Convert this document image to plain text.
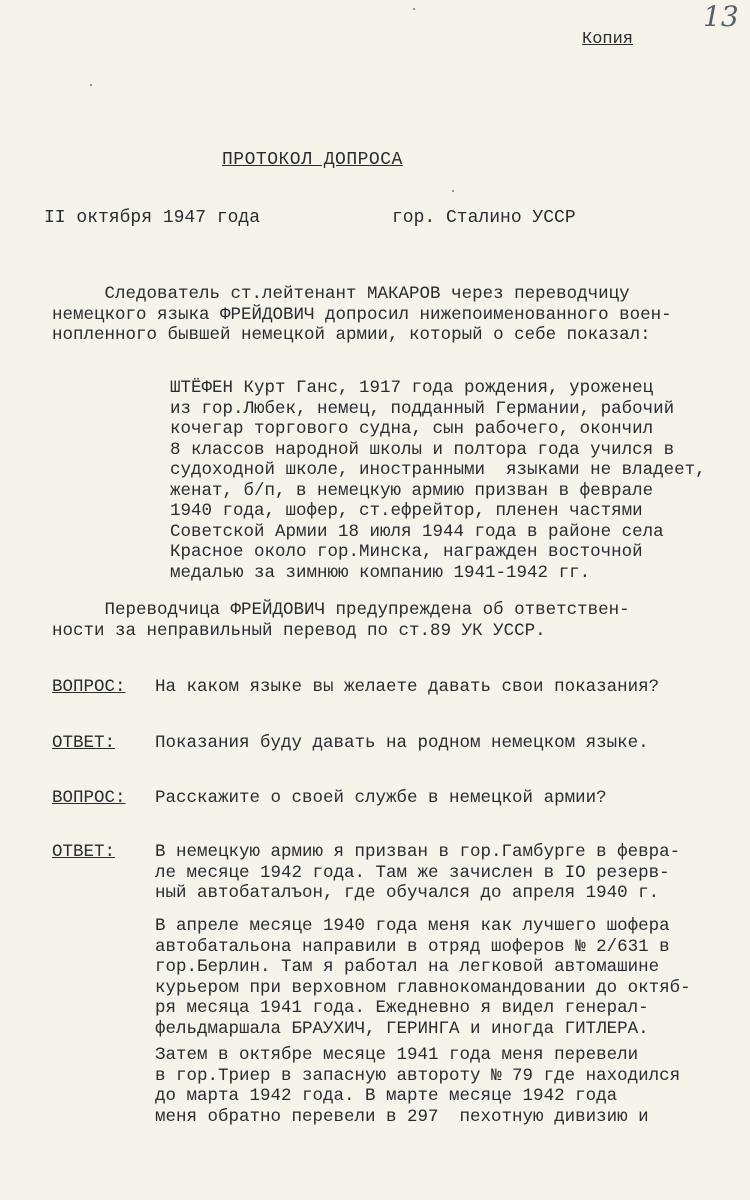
13
Копия
ПРОТОКОЛ ДОПРОСА
II октября 1947 года	гор. Сталино УССР
Следователь ст.лейтенант МАКАРОВ через переводчицу
немецкого языка ФРЕЙДОВИЧ допросил нижепоименованного воен-
нопленного бывшей немецкой армии, который о себе показал:
ШТЁФЕН Курт Ганс, 1917 года рождения, уроженец
из гор.Любек, немец, подданный Германии, рабочий
кочегар торгового судна, сын рабочего, окончил
8 классов народной школы и полтора года учился в
судоходной школе, иностранными  языками не владеет,
женат, б/п, в немецкую армию призван в феврале
1940 года, шофер, ст.ефрейтор, пленен частями
Советской Армии 18 июля 1944 года в районе села
Красное около гор.Минска, награжден восточной
медалью за зимнюю компанию 1941-1942 гг.
Переводчица ФРЕЙДОВИЧ предупреждена об ответствен-
ности за неправильный перевод по ст.89 УК УССР.
ВОПРОС: На каком языке вы желаете давать свои показания?
ОТВЕТ: Показания буду давать на родном немецком языке.
ВОПРОС: Расскажите о своей службе в немецкой армии?
ОТВЕТ: В немецкую армию я призван в гор.Гамбурге в февра-
ле месяце 1942 года. Там же зачислен в IO резерв-
ный автобаталъон, где обучался до апреля 1940 г.
В апреле месяце 1940 года меня как лучшего шофера
автобатальона направили в отряд шоферов № 2/631 в
гор.Берлин. Там я работал на легковой автомашине
курьером при верховном главнокомандовании до октяб-
ря месяца 1941 года. Ежедневно я видел генерал-
фельдмаршала БРАУХИЧ, ГЕРИНГА и иногда ГИТЛЕРА.
Затем в октябре месяце 1941 года меня перевели
в гор.Триер в запасную автороту № 79 где находился
до марта 1942 года. В марте месяце 1942 года
меня обратно перевели в 297  пехотную дивизию и
